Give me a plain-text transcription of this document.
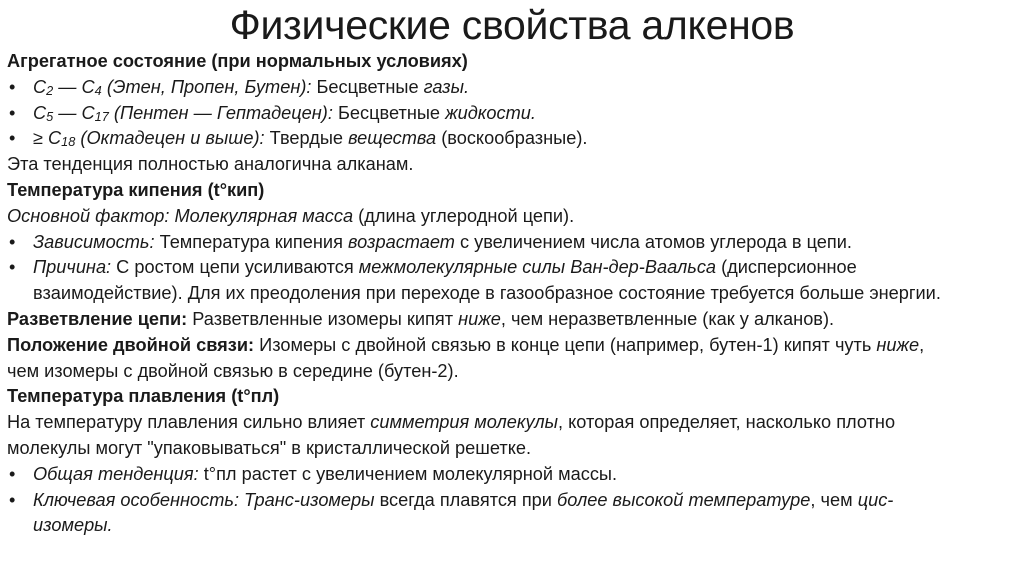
Физические свойства алкенов
Агрегатное состояние (при нормальных условиях)
• $C_2$ — $C_4$ (Этен, Пропен, Бутен): Бесцветные газы.
• $C_5$ — $C_{17}$ (Пентен — Гептадецен): Бесцветные жидкости.
• ≥ $C_{18}$ (Октадецен и выше): Твердые вещества (воскообразные).
Эта тенденция полностью аналогична алканам.
Температура кипения (t°кип)
Основной фактор: Молекулярная масса (длина углеродной цепи).
• Зависимость: Температура кипения возрастает с увеличением числа атомов углерода в цепи.
• Причина: С ростом цепи усиливаются межмолекулярные силы Ван-дер-Ваальса (дисперсионное
взаимодействие). Для их преодоления при переходе в газообразное состояние требуется больше энергии.
Разветвление цепи: Разветвленные изомеры кипят ниже, чем неразветвленные (как у алканов).
Положение двойной связи: Изомеры с двойной связью в конце цепи (например, бутен-1) кипят чуть ниже,
чем изомеры с двойной связью в середине (бутен-2).
Температура плавления (t°пл)
На температуру плавления сильно влияет симметрия молекулы, которая определяет, насколько плотно
молекулы могут "упаковываться" в кристаллической решетке.
• Общая тенденция: t°пл растет с увеличением молекулярной массы.
• Ключевая особенность: Транс-изомеры всегда плавятся при более высокой температуре, чем цис-
изомеры.
